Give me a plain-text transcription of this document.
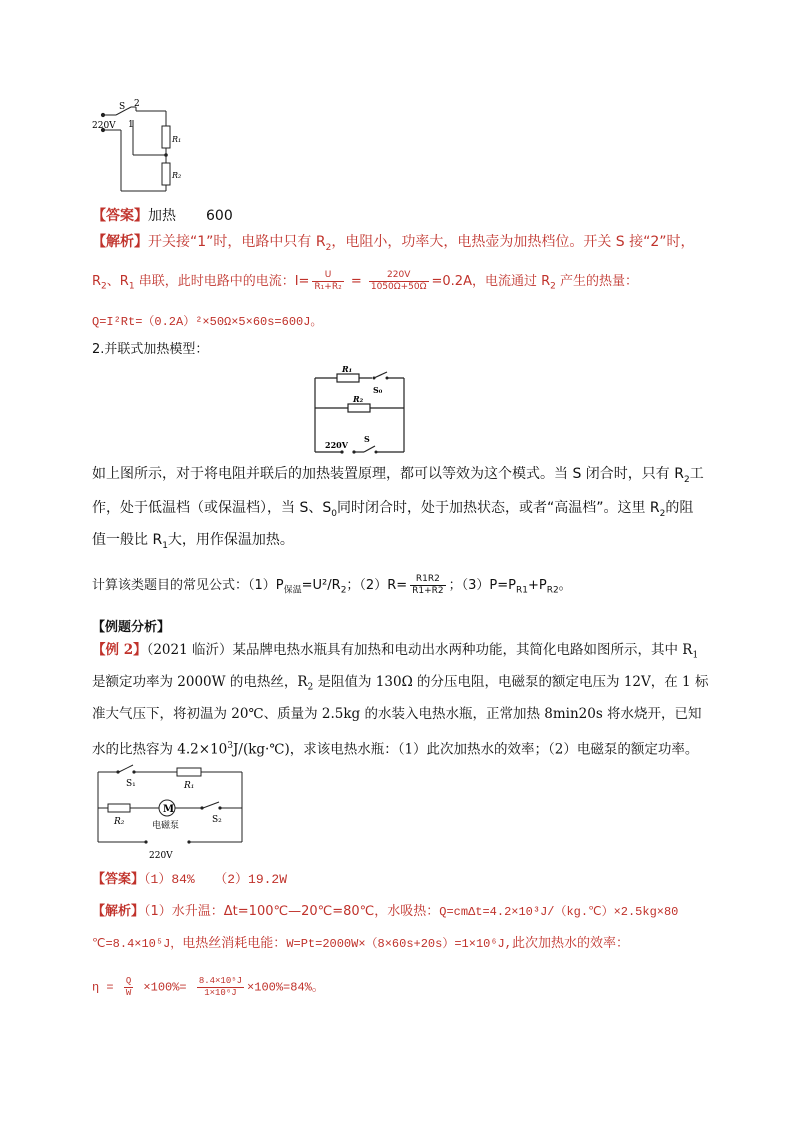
220V
S 2
1
R₁
R₂
【答案】加热 600
【解析】开关接“1”时，电路中只有 $R_2$，电阻小，功率大，电热壶为加热档位。开关 S 接“2”时，
$R_2$、$R_1$ 串联，此时电路中的电流：$I= \frac{U}{\text{R₁+R₂}} = \frac{220V}{1050\Omega+50\Omega} =0.2A$，电流通过 $R_2$ 产生的热量：
Q=I²Rt=（0.2A）²×50Ω×5×60s=600J。
2.并联式加热模型：
R₁
R₂
S₀
S
220V
如上图所示，对于将电阻并联后的加热装置原理，都可以等效为这个模式。当 S 闭合时，只有 $R_2$工
作，处于低温档（或保温档），当 S、$S_0$同时闭合时，处于加热状态，或者“高温档”。这里 $R_2$的阻
值一般比 $R_1$大，用作保温加热。
计算该类题目的常见公式：$(1)P_{保温}=U^2/R_2$；$(2)R= \frac{R1R2}{R1+R2}$ ；$(3)P=P_{R1}+P_{R2}$。
【例题分析】
【例 2】（2021 临沂）某品牌电热水瓶具有加热和电动出水两种功能，其简化电路如图所示，其中 $R_1$
是额定功率为 2000W 的电热丝，$R_2$ 是阻值为 130Ω 的分压电阻，电磁泵的额定电压为 12V，在 1 标
准大气压下，将初温为 20℃、质量为 2.5kg 的水装入电热水瓶，正常加热 8min20s 将水烧开，已知
水的比热容为 $4.2\times 10^3J/(kg\cdot℃)$，求该电热水瓶：（1）此次加热水的效率；（2）电磁泵的额定功率。
S₁	R₁
R₂
M
电磁泵
S₂
220V
【答案】（1）84%　　（2）19.2W
【解析】（1）水升温：Δt=100℃—20℃=80℃，水吸热：Q=cmΔt=4.2×10³J/（kg.℃）×2.5kg×80
℃=8.4×10⁵J，电热丝消耗电能：W=Pt=2000W×（8×60s+20s）=1×10⁶J,此次加热水的效率：
$\eta = \frac{Q}{W} \times 100\%= \frac{\text{8.4×10⁵J}}{\text{1×10⁶J}} \times 100\%=84\%$。
